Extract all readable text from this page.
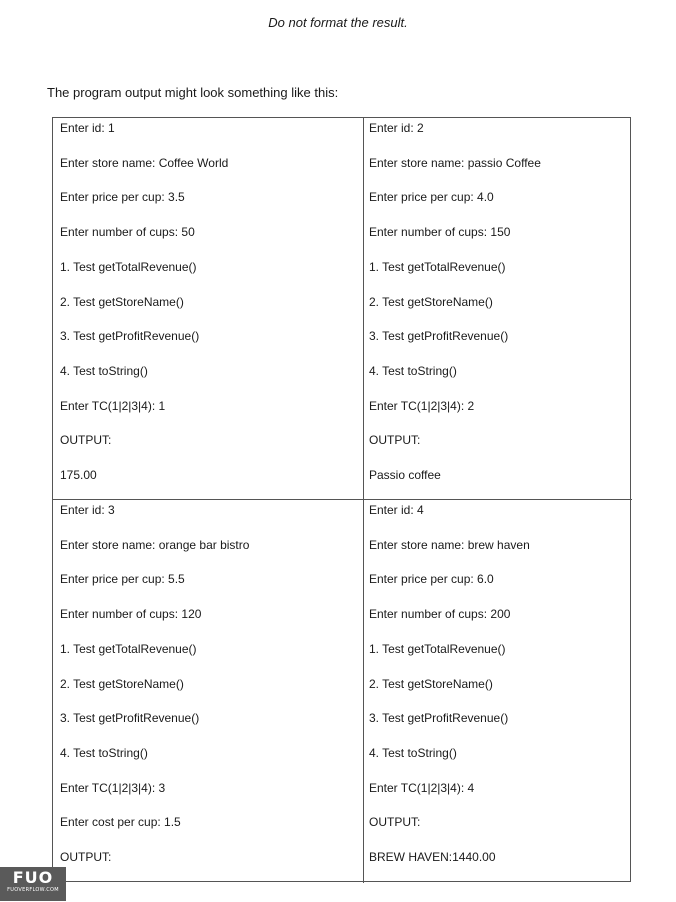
Do not format the result.
The program output might look something like this:
Enter id: 1
Enter store name: Coffee World
Enter price per cup: 3.5
Enter number of cups: 50
1. Test getTotalRevenue()
2. Test getStoreName()
3. Test getProfitRevenue()
4. Test toString()
Enter TC(1|2|3|4): 1
OUTPUT:
175.00
Enter id: 2
Enter store name: passio Coffee
Enter price per cup: 4.0
Enter number of cups: 150
1. Test getTotalRevenue()
2. Test getStoreName()
3. Test getProfitRevenue()
4. Test toString()
Enter TC(1|2|3|4): 2
OUTPUT:
Passio coffee
Enter id: 3
Enter store name: orange bar bistro
Enter price per cup: 5.5
Enter number of cups: 120
1. Test getTotalRevenue()
2. Test getStoreName()
3. Test getProfitRevenue()
4. Test toString()
Enter TC(1|2|3|4): 3
Enter cost per cup: 1.5
OUTPUT:
Enter id: 4
Enter store name: brew haven
Enter price per cup: 6.0
Enter number of cups: 200
1. Test getTotalRevenue()
2. Test getStoreName()
3. Test getProfitRevenue()
4. Test toString()
Enter TC(1|2|3|4): 4
OUTPUT:
BREW HAVEN:1440.00
FUO
FUOVERFLOW.COM
